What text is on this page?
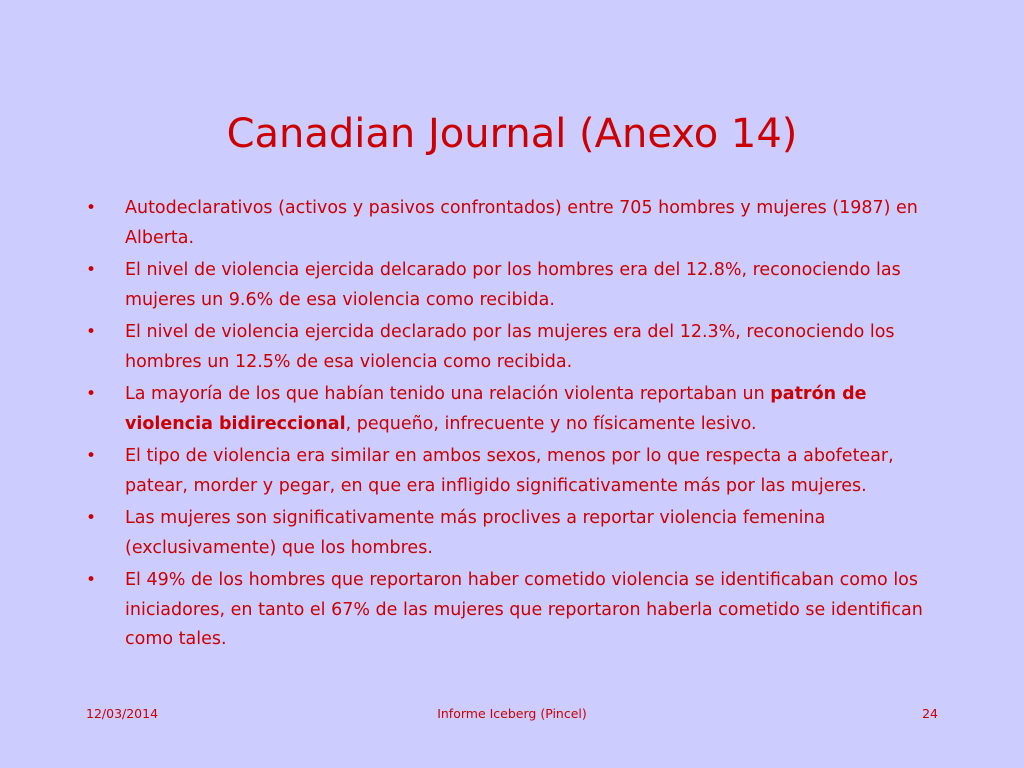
Canadian Journal (Anexo 14)
• Autodeclarativos (activos y pasivos confrontados) entre 705 hombres y mujeres (1987) en Alberta.
• El nivel de violencia ejercida delcarado por los hombres era del 12.8%, reconociendo las mujeres un 9.6% de esa violencia como recibida.
• El nivel de violencia ejercida declarado por las mujeres era del 12.3%, reconociendo los hombres un 12.5% de esa violencia como recibida.
• La mayoría de los que habían tenido una relación violenta reportaban un patrón de violencia bidireccional, pequeño, infrecuente y no físicamente lesivo.
• El tipo de violencia era similar en ambos sexos, menos por lo que respecta a abofetear, patear, morder y pegar, en que era infligido significativamente más por las mujeres.
• Las mujeres son significativamente más proclives a reportar violencia femenina (exclusivamente) que los hombres.
• El 49% de los hombres que reportaron haber cometido violencia se identificaban como los iniciadores, en tanto el 67% de las mujeres que reportaron haberla cometido se identifican como tales.
12/03/2014	Informe Iceberg (Pincel)	24
